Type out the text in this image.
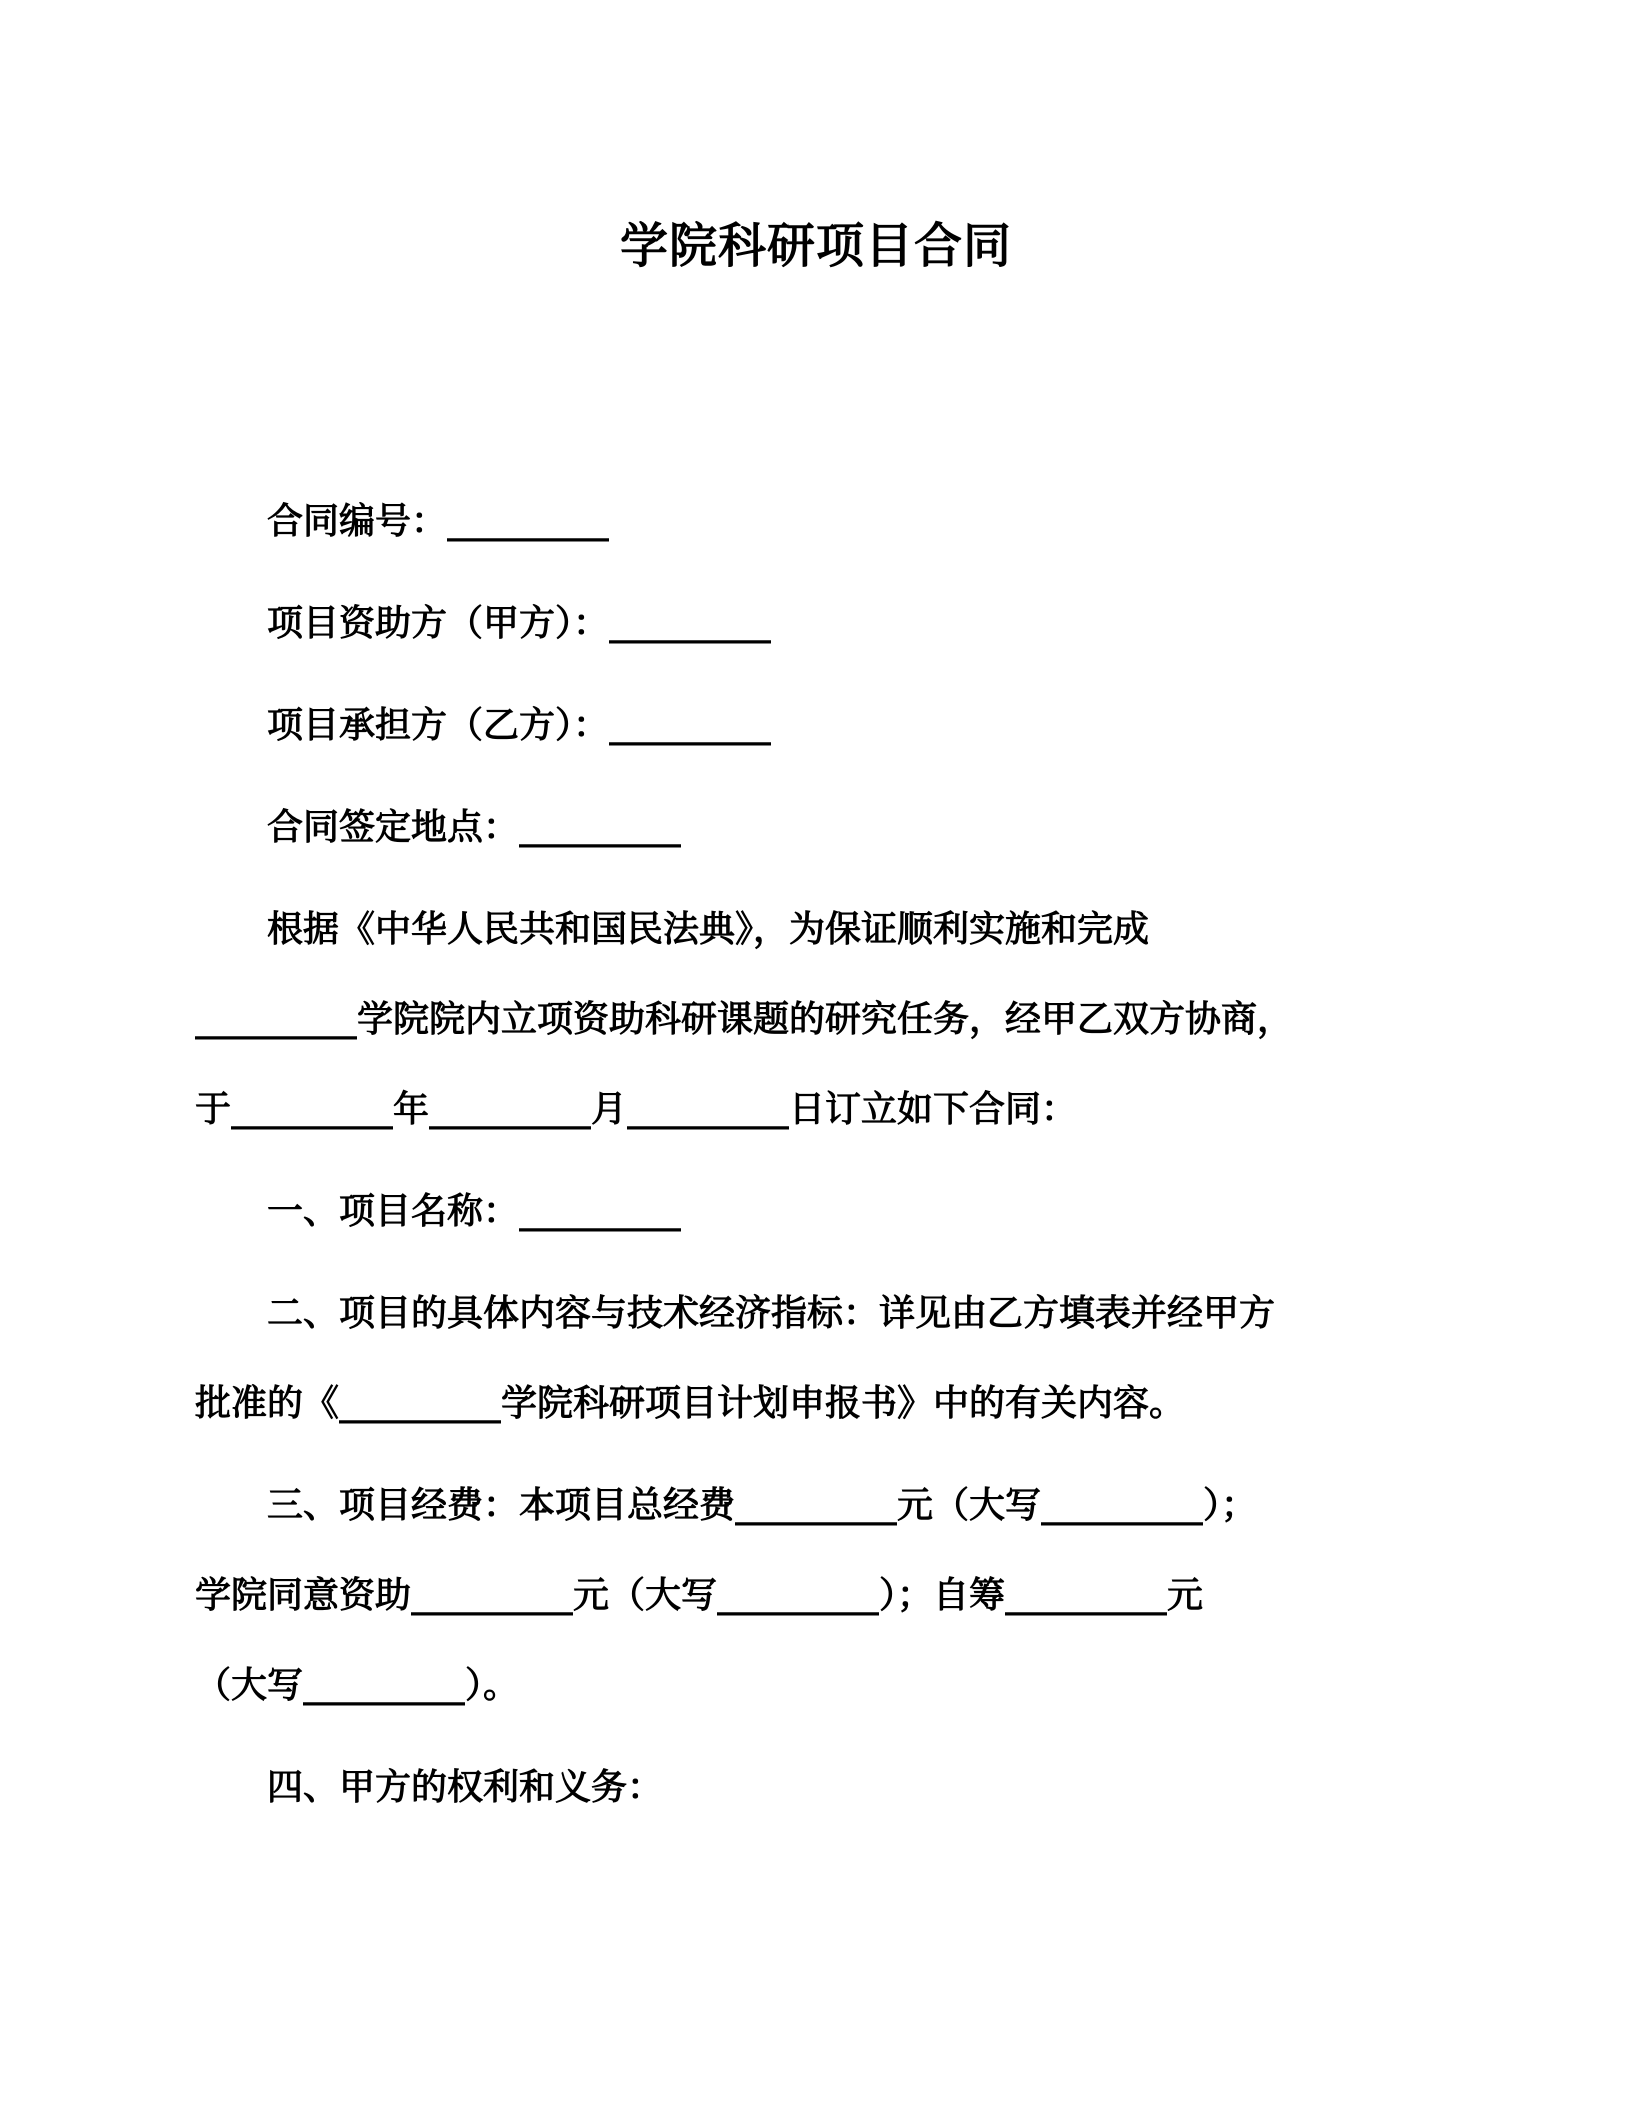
学院科研项目合同

合同编号：_________

项目资助方（甲方）：_________

项目承担方（乙方）：_________

合同签定地点：_________

根据《中华人民共和国民法典》，为保证顺利实施和完成
_________学院院内立项资助科研课题的研究任务，经甲乙双方协商，
于_________年_________月_________日订立如下合同：

一、项目名称：_________

二、项目的具体内容与技术经济指标：详见由乙方填表并经甲方
批准的《_________学院科研项目计划申报书》中的有关内容。

三、项目经费：本项目总经费_________元（大写_________）；
学院同意资助_________元（大写_________）；自筹_________元
（大写_________）。

四、甲方的权利和义务：
